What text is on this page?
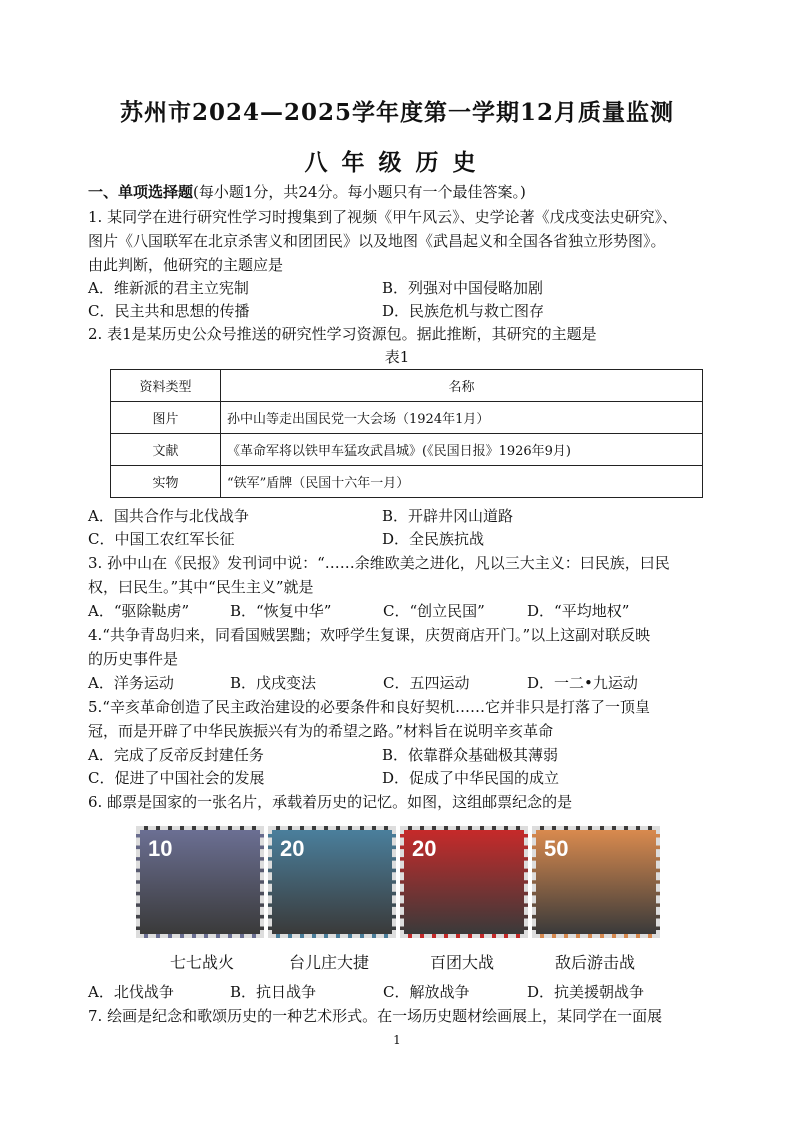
苏州市2024—2025学年度第一学期12月质量监测
八年级历史
一、单项选择题(每小题1分，共24分。每小题只有一个最佳答案。)
1. 某同学在进行研究性学习时搜集到了视频《甲午风云》、史学论著《戊戌变法史研究》、
图片《八国联军在北京杀害义和团团民》以及地图《武昌起义和全国各省独立形势图》。
由此判断，他研究的主题应是
A．维新派的君主立宪制	B．列强对中国侵略加剧
C．民主共和思想的传播	D．民族危机与救亡图存
2. 表1是某历史公众号推送的研究性学习资源包。据此推断，其研究的主题是
表1
资料类型	名称
图片	孙中山等走出国民党一大会场（1924年1月）
文献	《革命军将以铁甲车猛攻武昌城》(《民国日报》1926年9月)
实物	“铁军”盾牌（民国十六年一月）
A．国共合作与北伐战争	B．开辟井冈山道路
C．中国工农红军长征	D．全民族抗战
3. 孙中山在《民报》发刊词中说：“……余维欧美之进化，凡以三大主义：曰民族，曰民
权，曰民生。”其中“民生主义”就是
A．“驱除鞑虏”	B．“恢复中华”	C．“创立民国”	D．“平均地权”
4.“共争青岛归来，同看国贼罢黜；欢呼学生复课，庆贺商店开门。”以上这副对联反映
的历史事件是
A．洋务运动	B．戊戌变法	C．五四运动	D．一二•九运动
5.“辛亥革命创造了民主政治建设的必要条件和良好契机……它并非只是打落了一顶皇
冠，而是开辟了中华民族振兴有为的希望之路。”材料旨在说明辛亥革命
A．完成了反帝反封建任务	B．依靠群众基础极其薄弱
C．促进了中国社会的发展	D．促成了中华民国的成立
6. 邮票是国家的一张名片，承载着历史的记忆。如图，这组邮票纪念的是
10	20	20	50
七七战火	台儿庄大捷	百团大战	敌后游击战
A．北伐战争	B．抗日战争	C．解放战争	D．抗美援朝战争
7. 绘画是纪念和歌颂历史的一种艺术形式。在一场历史题材绘画展上，某同学在一面展
1
